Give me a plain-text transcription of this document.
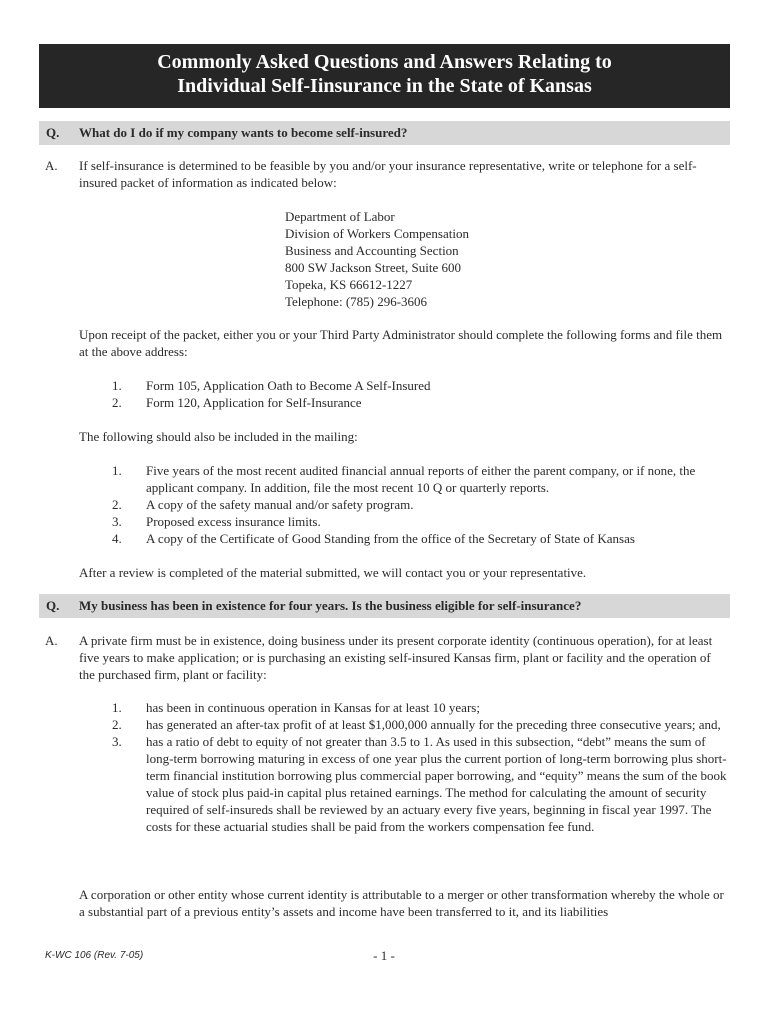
Commonly Asked Questions and Answers Relating to
Individual Self-Iinsurance in the State of Kansas
Q. What do I do if my company wants to become self-insured?
A. If self-insurance is determined to be feasible by you and/or your insurance representative, write or telephone for a self-insured packet of information as indicated below:

Department of Labor
Division of Workers Compensation
Business and Accounting Section
800 SW Jackson Street, Suite 600
Topeka, KS 66612-1227
Telephone: (785) 296-3606

Upon receipt of the packet, either you or your Third Party Administrator should complete the following forms and file them at the above address:

1. Form 105, Application Oath to Become A Self-Insured
2. Form 120, Application for Self-Insurance

The following should also be included in the mailing:

1. Five years of the most recent audited financial annual reports of either the parent company, or if none, the applicant company. In addition, file the most recent 10 Q or quarterly reports.
2. A copy of the safety manual and/or safety program.
3. Proposed excess insurance limits.
4. A copy of the Certificate of Good Standing from the office of the Secretary of State of Kansas

After a review is completed of the material submitted, we will contact you or your representative.

Q. My business has been in existence for four years. Is the business eligible for self-insurance?
A. A private firm must be in existence, doing business under its present corporate identity (continuous operation), for at least five years to make application; or is purchasing an existing self-insured Kansas firm, plant or facility and the operation of the purchased firm, plant or facility:

1. has been in continuous operation in Kansas for at least 10 years;
2. has generated an after-tax profit of at least $1,000,000 annually for the preceding three consecutive years; and,
3. has a ratio of debt to equity of not greater than 3.5 to 1. As used in this subsection, “debt” means the sum of long-term borrowing maturing in excess of one year plus the current portion of long-term borrowing plus short-term financial institution borrowing plus commercial paper borrowing, and “equity” means the sum of the book value of stock plus paid-in capital plus retained earnings. The method for calculating the amount of security required of self-insureds shall be reviewed by an actuary every five years, beginning in fiscal year 1997. The costs for these actuarial studies shall be paid from the workers compensation fee fund.

A corporation or other entity whose current identity is attributable to a merger or other transformation whereby the whole or a substantial part of a previous entity’s assets and income have been transferred to it, and its liabilities

K-WC 106 (Rev. 7-05)	- 1 -
